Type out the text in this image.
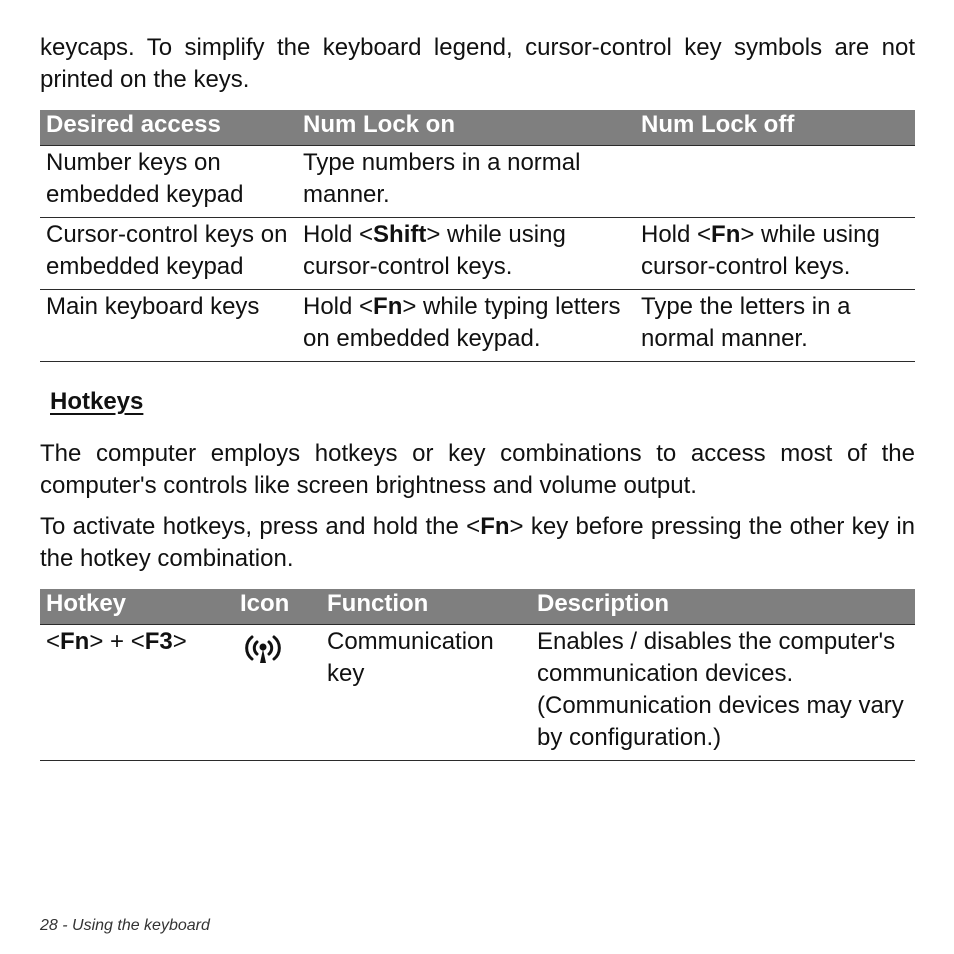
keycaps. To simplify the keyboard legend, cursor-control key symbols are not printed on the keys.

Desired access	Num Lock on	Num Lock off
Number keys on embedded keypad	Type numbers in a normal manner.	
Cursor-control keys on embedded keypad	Hold <Shift> while using cursor-control keys.	Hold <Fn> while using cursor-control keys.
Main keyboard keys	Hold <Fn> while typing letters on embedded keypad.	Type the letters in a normal manner.
Hotkeys

The computer employs hotkeys or key combinations to access most of the computer's controls like screen brightness and volume output.

To activate hotkeys, press and hold the <Fn> key before pressing the other key in the hotkey combination.

Hotkey	Icon	Function	Description
<Fn> + <F3>		Communication key	Enables / disables the computer's communication devices. (Communication devices may vary by configuration.)
28 - Using the keyboard
